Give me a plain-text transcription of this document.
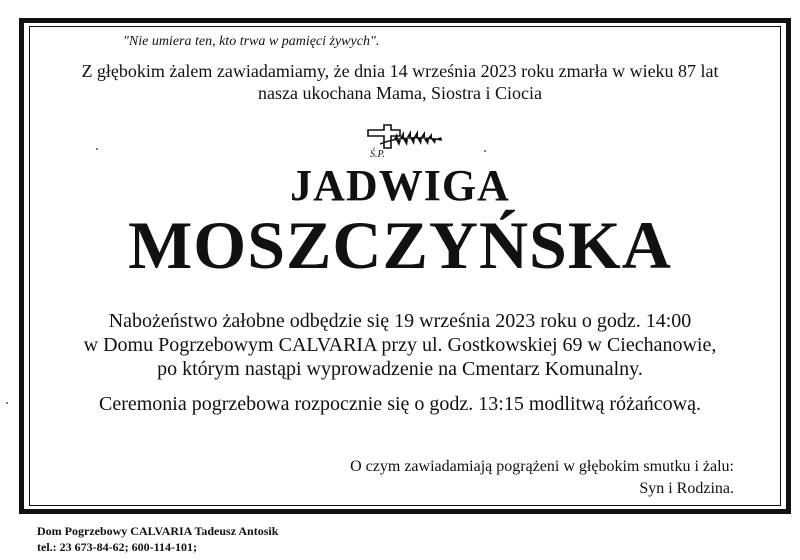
"Nie umiera ten, kto trwa w pamięci żywych".
Z głębokim żalem zawiadamiamy, że dnia 14 września 2023 roku zmarła w wieku 87 lat
nasza ukochana Mama, Siostra i Ciocia
Ś.P.
JADWIGA
MOSZCZYŃSKA
Nabożeństwo żałobne odbędzie się 19 września 2023 roku o godz. 14:00
w Domu Pogrzebowym CALVARIA przy ul. Gostkowskiej 69 w Ciechanowie,
po którym nastąpi wyprowadzenie na Cmentarz Komunalny.
Ceremonia pogrzebowa rozpocznie się o godz. 13:15 modlitwą różańcową.
O czym zawiadamiają pogrążeni w głębokim smutku i żalu:
Syn i Rodzina.
Dom Pogrzebowy CALVARIA Tadeusz Antosik
tel.: 23 673-84-62; 600-114-101;
